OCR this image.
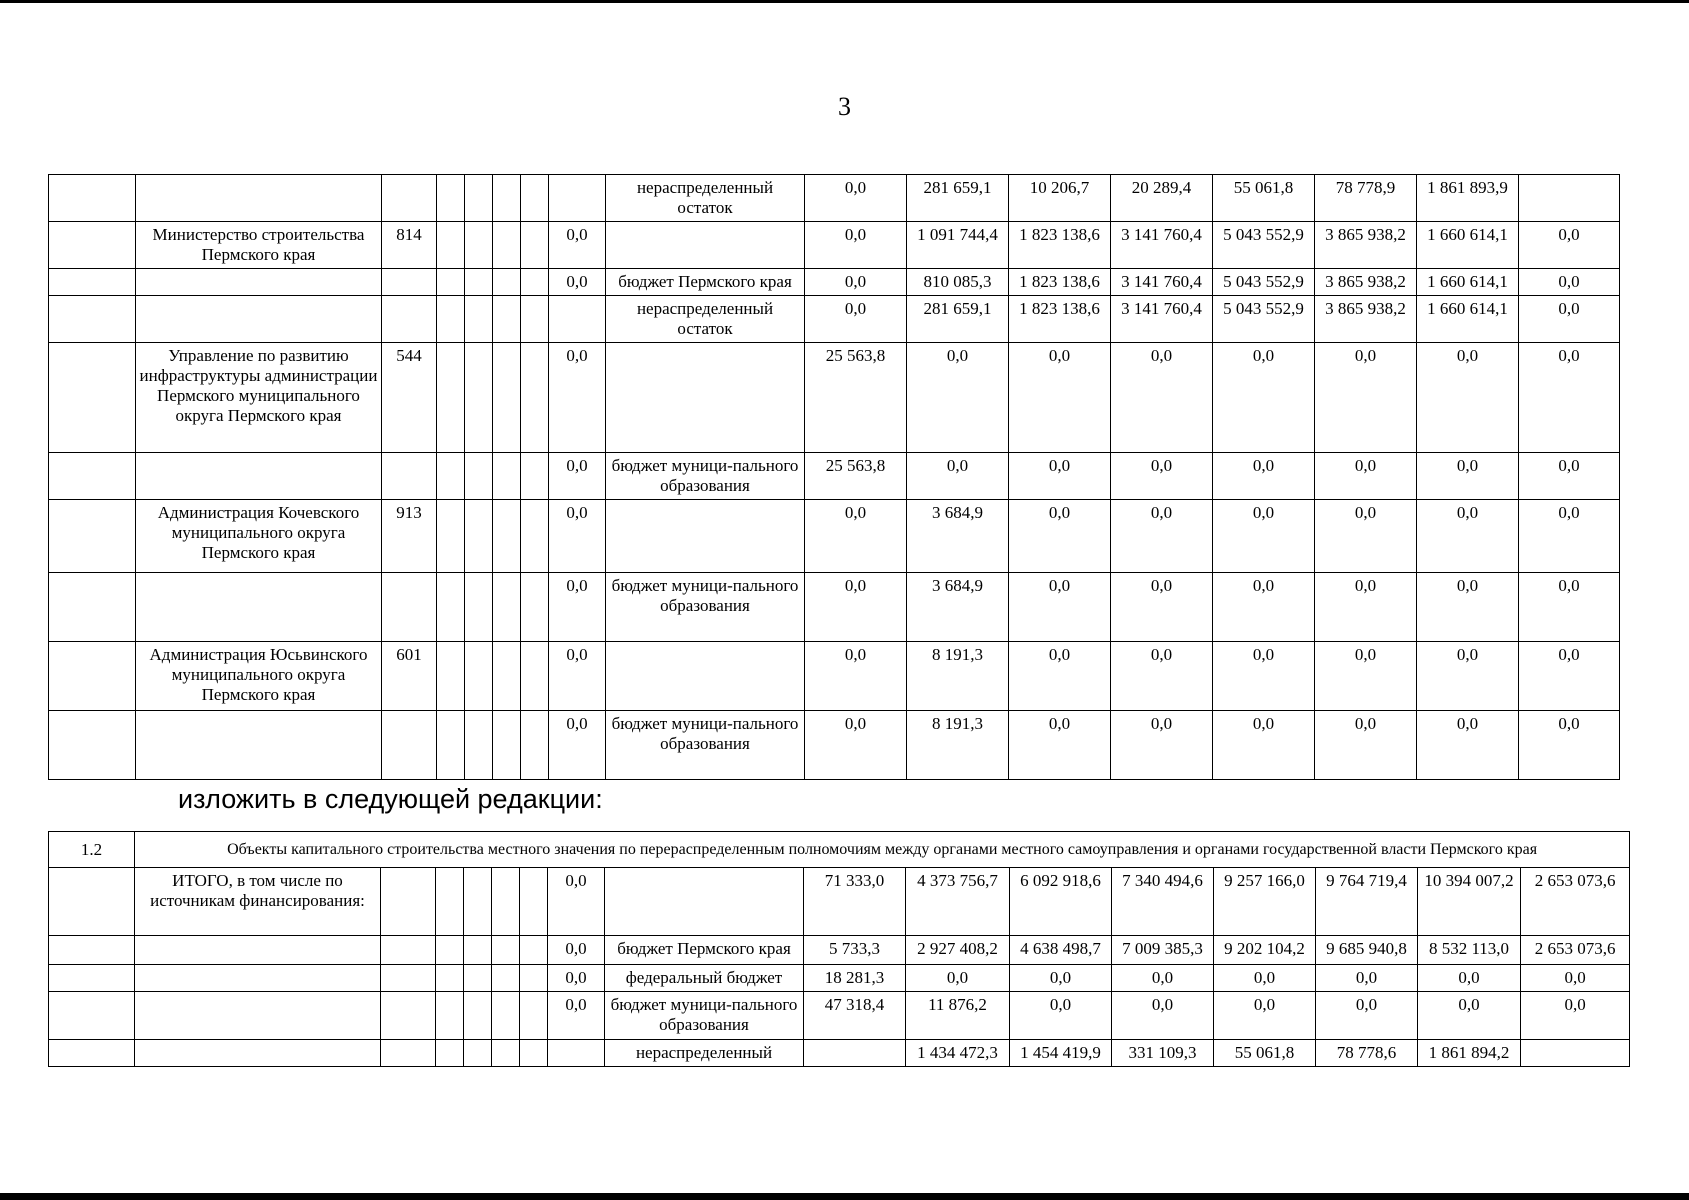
3
								нераспределенный остаток	0,0	281 659,1	10 206,7	20 289,4	55 061,8	78 778,9	1 861 893,9	
	Министерство строительства Пермского края	814					0,0		0,0	1 091 744,4	1 823 138,6	3 141 760,4	5 043 552,9	3 865 938,2	1 660 614,1	0,0
							0,0	бюджет Пермского края	0,0	810 085,3	1 823 138,6	3 141 760,4	5 043 552,9	3 865 938,2	1 660 614,1	0,0
								нераспределенный остаток	0,0	281 659,1	1 823 138,6	3 141 760,4	5 043 552,9	3 865 938,2	1 660 614,1	0,0
	Управление по развитию инфраструктуры администрации Пермского муниципального округа Пермского края	544					0,0		25 563,8	0,0	0,0	0,0	0,0	0,0	0,0	0,0
							0,0	бюджет муници-пального образования	25 563,8	0,0	0,0	0,0	0,0	0,0	0,0	0,0
	Администрация Кочевского муниципального округа Пермского края	913					0,0		0,0	3 684,9	0,0	0,0	0,0	0,0	0,0	0,0
							0,0	бюджет муници-пального образования	0,0	3 684,9	0,0	0,0	0,0	0,0	0,0	0,0
	Администрация Юсьвинского муниципального округа Пермского края	601					0,0		0,0	8 191,3	0,0	0,0	0,0	0,0	0,0	0,0
							0,0	бюджет муници-пального образования	0,0	8 191,3	0,0	0,0	0,0	0,0	0,0	0,0
изложить в следующей редакции:
1.2	Объекты капитального строительства местного значения по перераспределенным полномочиям между органами местного самоуправления и органами государственной власти Пермского края															
	ИТОГО, в том числе по источникам финансирования:						0,0		71 333,0	4 373 756,7	6 092 918,6	7 340 494,6	9 257 166,0	9 764 719,4	10 394 007,2	2 653 073,6
							0,0	бюджет Пермского края	5 733,3	2 927 408,2	4 638 498,7	7 009 385,3	9 202 104,2	9 685 940,8	8 532 113,0	2 653 073,6
							0,0	федеральный бюджет	18 281,3	0,0	0,0	0,0	0,0	0,0	0,0	0,0
							0,0	бюджет муници-пального образования	47 318,4	11 876,2	0,0	0,0	0,0	0,0	0,0	0,0
								нераспределенный		1 434 472,3	1 454 419,9	331 109,3	55 061,8	78 778,6	1 861 894,2	
